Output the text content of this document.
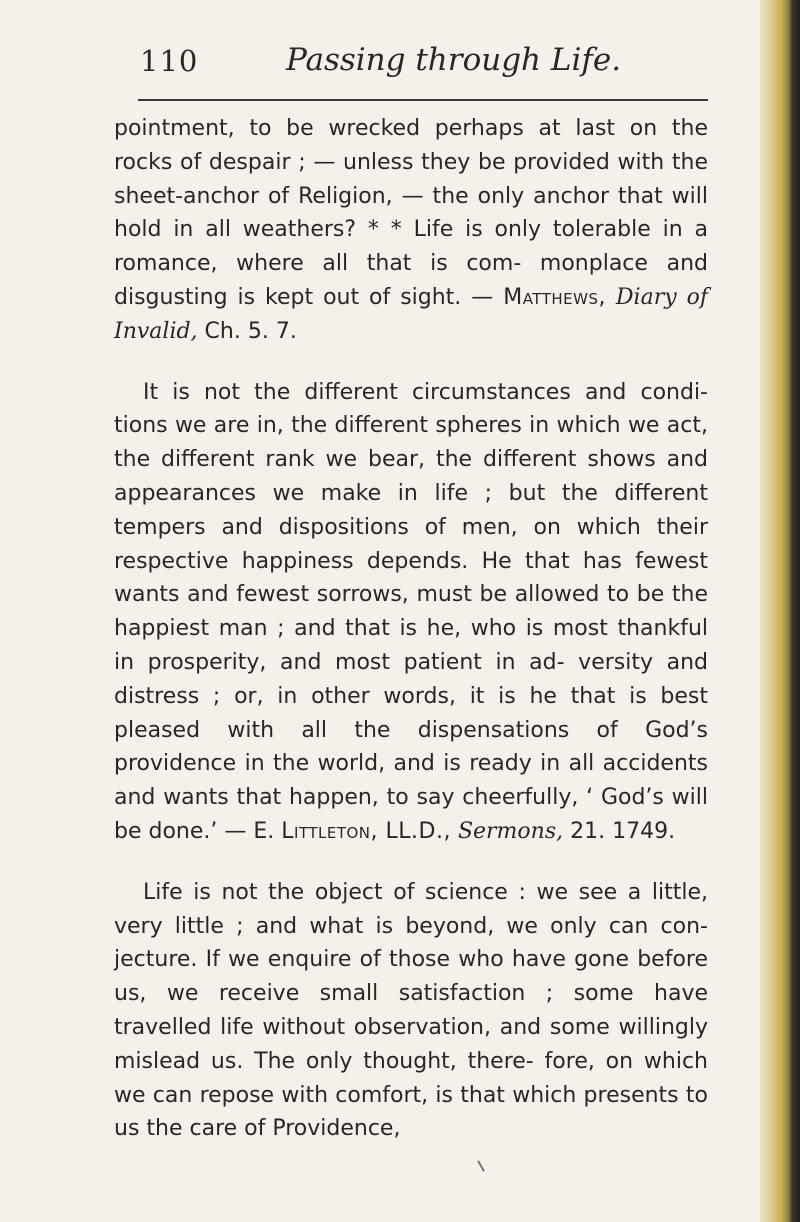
110	Passing through Life.

pointment, to be wrecked perhaps at last on the rocks of despair ; — unless they be provided with the sheet-anchor of Religion, — the only anchor that will hold in all weathers? * * Life is only tolerable in a romance, where all that is com- monplace and disgusting is kept out of sight. — Matthews, Diary of Invalid, Ch. 5. 7.

It is not the different circumstances and condi- tions we are in, the different spheres in which we act, the different rank we bear, the different shows and appearances we make in life ; but the different tempers and dispositions of men, on which their respective happiness depends. He that has fewest wants and fewest sorrows, must be allowed to be the happiest man ; and that is he, who is most thankful in prosperity, and most patient in ad- versity and distress ; or, in other words, it is he that is best pleased with all the dispensations of God’s providence in the world, and is ready in all accidents and wants that happen, to say cheerfully, ‘ God’s will be done.’ — E. Littleton, LL.D., Sermons, 21. 1749.

Life is not the object of science : we see a little, very little ; and what is beyond, we only can con- jecture. If we enquire of those who have gone before us, we receive small satisfaction ; some have travelled life without observation, and some willingly mislead us. The only thought, there- fore, on which we can repose with comfort, is that which presents to us the care of Providence,
